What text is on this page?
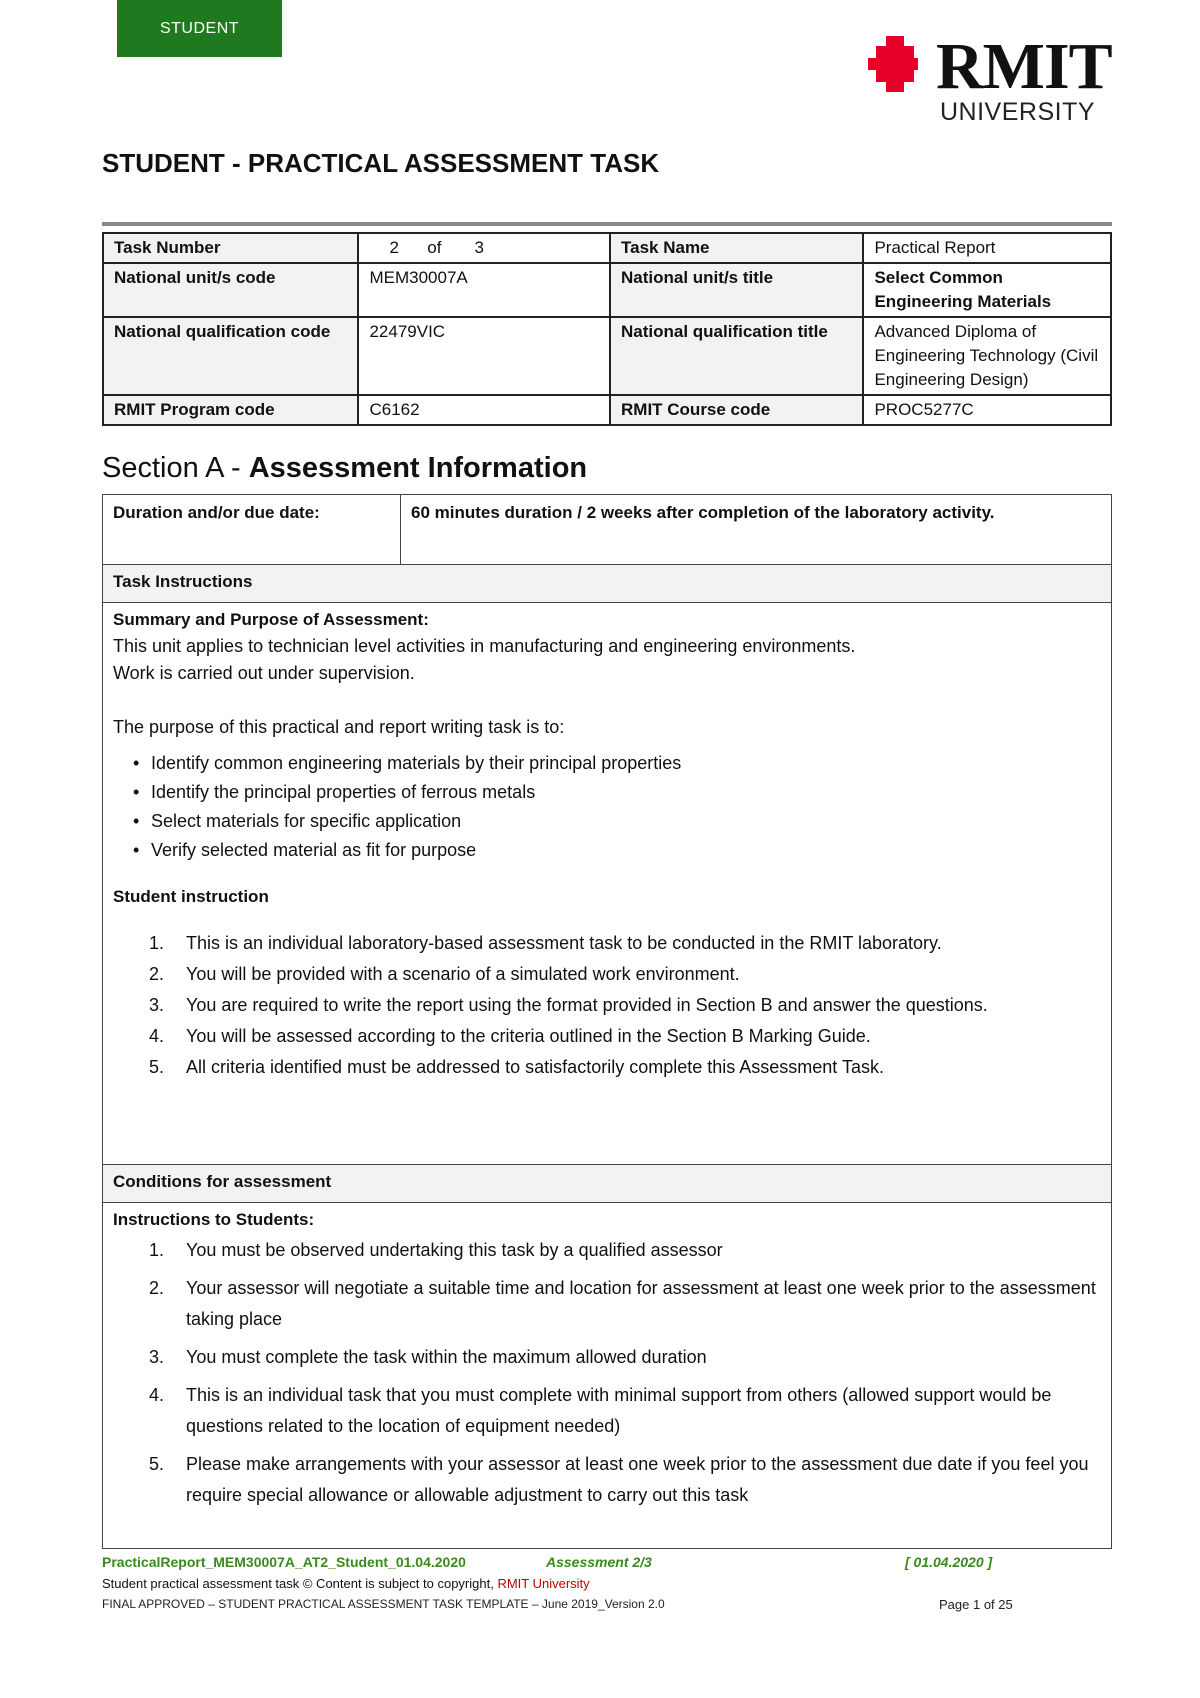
STUDENT
RMIT
UNIVERSITY
STUDENT - PRACTICAL ASSESSMENT TASK
Task Number	2      of       3	Task Name	Practical Report
National unit/s code	MEM30007A	National unit/s title	Select Common Engineering Materials
National qualification code	22479VIC	National qualification title	Advanced Diploma of Engineering Technology (Civil Engineering Design)
RMIT Program code	C6162	RMIT Course code	PROC5277C
Section A - Assessment Information
Duration and/or due date:	60 minutes duration / 2 weeks after completion of the laboratory activity.
Task Instructions

Summary and Purpose of Assessment:
This unit applies to technician level activities in manufacturing and engineering environments.
Work is carried out under supervision.
The purpose of this practical and report writing task is to:
• Identify common engineering materials by their principal properties
• Identify the principal properties of ferrous metals
• Select materials for specific application
• Verify selected material as fit for purpose
Student instruction
1. This is an individual laboratory-based assessment task to be conducted in the RMIT laboratory.
2. You will be provided with a scenario of a simulated work environment.
3. You are required to write the report using the format provided in Section B and answer the questions.
4. You will be assessed according to the criteria outlined in the Section B Marking Guide.
5. All criteria identified must be addressed to satisfactorily complete this Assessment Task.

Conditions for assessment

Instructions to Students:
1. You must be observed undertaking this task by a qualified assessor
2. Your assessor will negotiate a suitable time and location for assessment at least one week prior to the assessment taking place
3. You must complete the task within the maximum allowed duration
4. This is an individual task that you must complete with minimal support from others (allowed support would be questions related to the location of equipment needed)
5. Please make arrangements with your assessor at least one week prior to the assessment due date if you feel you require special allowance or allowable adjustment to carry out this task
PracticalReport_MEM30007A_AT2_Student_01.04.2020	Assessment 2/3	[ 01.04.2020 ]
Student practical assessment task © Content is subject to copyright, RMIT University
FINAL APPROVED – STUDENT PRACTICAL ASSESSMENT TASK TEMPLATE – June 2019_Version 2.0	Page 1 of 25
